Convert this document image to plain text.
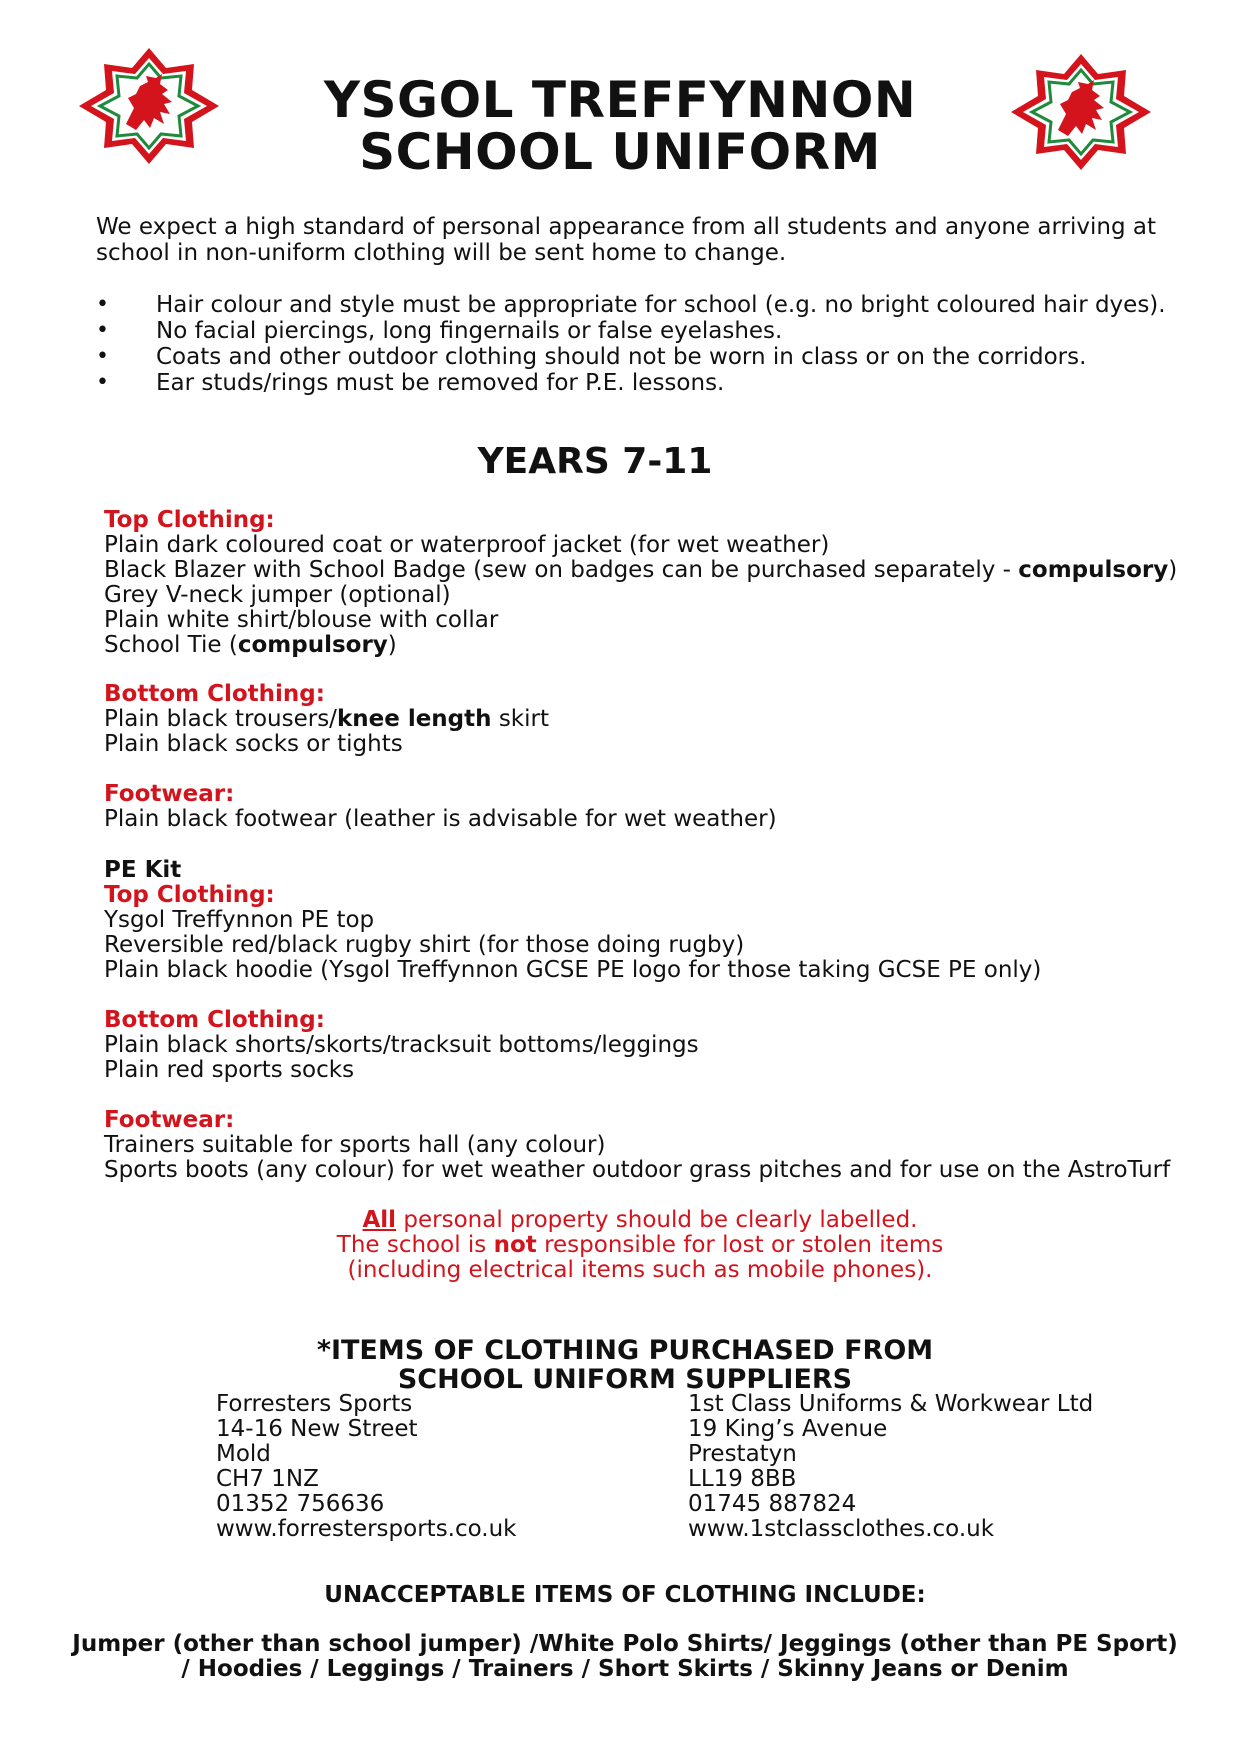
YSGOL TREFFYNNON
SCHOOL UNIFORM
We expect a high standard of personal appearance from all students and anyone arriving at school in non-uniform clothing will be sent home to change.
• Hair colour and style must be appropriate for school (e.g. no bright coloured hair dyes).
• No facial piercings, long fingernails or false eyelashes.
• Coats and other outdoor clothing should not be worn in class or on the corridors.
• Ear studs/rings must be removed for P.E. lessons.
YEARS 7-11
Top Clothing:
Plain dark coloured coat or waterproof jacket (for wet weather)
Black Blazer with School Badge (sew on badges can be purchased separately - compulsory)
Grey V-neck jumper (optional)
Plain white shirt/blouse with collar
School Tie (compulsory)
Bottom Clothing:
Plain black trousers/knee length skirt
Plain black socks or tights
Footwear:
Plain black footwear (leather is advisable for wet weather)
PE Kit
Top Clothing:
Ysgol Treffynnon PE top
Reversible red/black rugby shirt (for those doing rugby)
Plain black hoodie (Ysgol Treffynnon GCSE PE logo for those taking GCSE PE only)
Bottom Clothing:
Plain black shorts/skorts/tracksuit bottoms/leggings
Plain red sports socks
Footwear:
Trainers suitable for sports hall (any colour)
Sports boots (any colour) for wet weather outdoor grass pitches and for use on the AstroTurf
All personal property should be clearly labelled.
The school is not responsible for lost or stolen items
(including electrical items such as mobile phones).
*ITEMS OF CLOTHING PURCHASED FROM
SCHOOL UNIFORM SUPPLIERS
Forresters Sports
14-16 New Street
Mold
CH7 1NZ
01352 756636
www.forrestersports.co.uk
1st Class Uniforms & Workwear Ltd
19 King’s Avenue
Prestatyn
LL19 8BB
01745 887824
www.1stclassclothes.co.uk
UNACCEPTABLE ITEMS OF CLOTHING INCLUDE:
Jumper (other than school jumper) /White Polo Shirts/ Jeggings (other than PE Sport)
/ Hoodies / Leggings / Trainers / Short Skirts / Skinny Jeans or Denim
